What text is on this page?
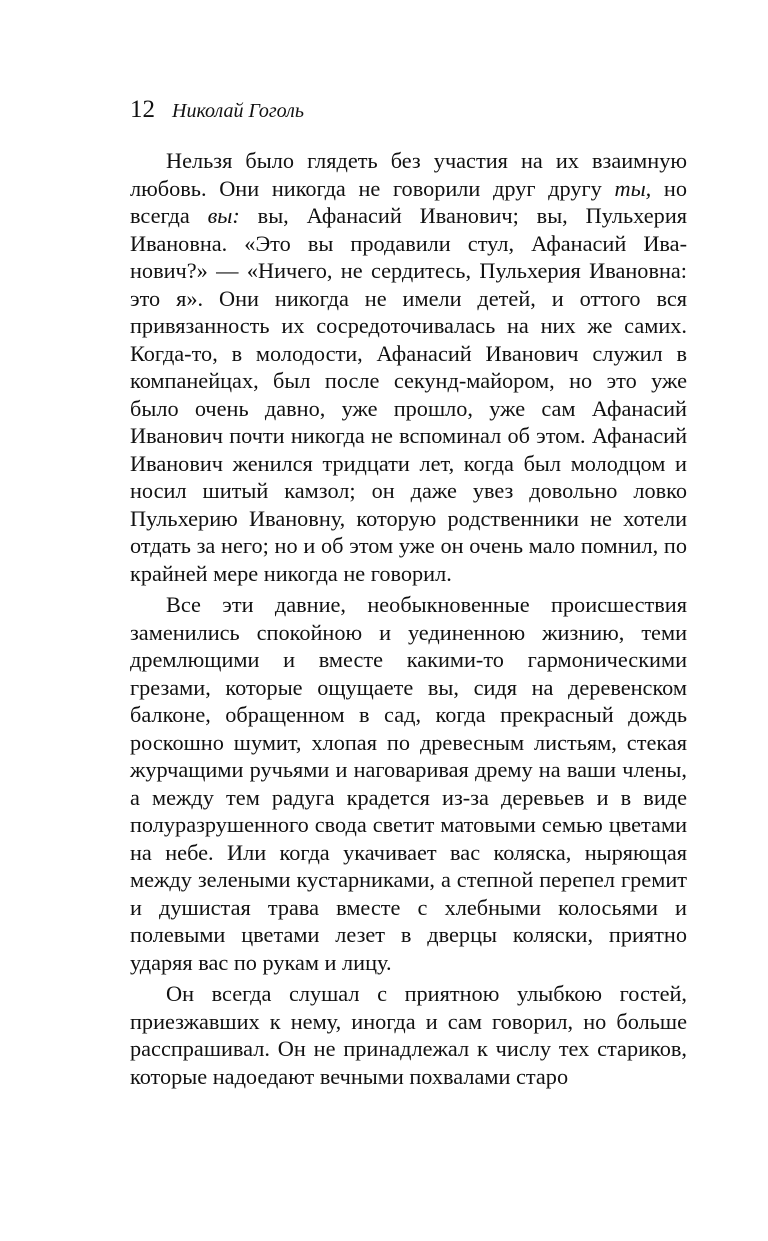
12 Николай Гоголь

Нельзя было глядеть без участия на их взаимную любовь. Они никогда не говорили друг другу ты, но всегда вы: вы, Афанасий Иванович; вы, Пульхерия Ивановна. «Это вы продавили стул, Афанасий Иванович?» — «Ничего, не сердитесь, Пульхерия Ивановна: это я». Они никогда не имели детей, и оттого вся привязанность их сосредоточивалась на них же самих. Когда-то, в молодости, Афанасий Иванович служил в компанейцах, был после секунд-майором, но это уже было очень давно, уже прошло, уже сам Афанасий Иванович почти никогда не вспоминал об этом. Афанасий Иванович женился тридцати лет, когда был молодцом и носил шитый камзол; он даже увез довольно ловко Пульхерию Ивановну, которую родственники не хотели отдать за него; но и об этом уже он очень мало помнил, по крайней мере никогда не говорил.

Все эти давние, необыкновенные происшествия заменились спокойною и уединенною жизнию, теми дремлющими и вместе какими-то гармоническими грезами, которые ощущаете вы, сидя на деревенском балконе, обращенном в сад, когда прекрасный дождь роскошно шумит, хлопая по древесным листьям, стекая журчащими ручьями и наговаривая дрему на ваши члены, а между тем радуга крадется из-за деревьев и в виде полуразрушенного свода светит матовыми семью цветами на небе. Или когда укачивает вас коляска, ныряющая между зелеными кустарниками, а степной перепел гремит и душистая трава вместе с хлебными колосьями и полевыми цветами лезет в дверцы коляски, приятно ударяя вас по рукам и лицу.

Он всегда слушал с приятною улыбкою гостей, приезжавших к нему, иногда и сам говорил, но больше расспрашивал. Он не принадлежал к числу тех стариков, которые надоедают вечными похвалами старо
